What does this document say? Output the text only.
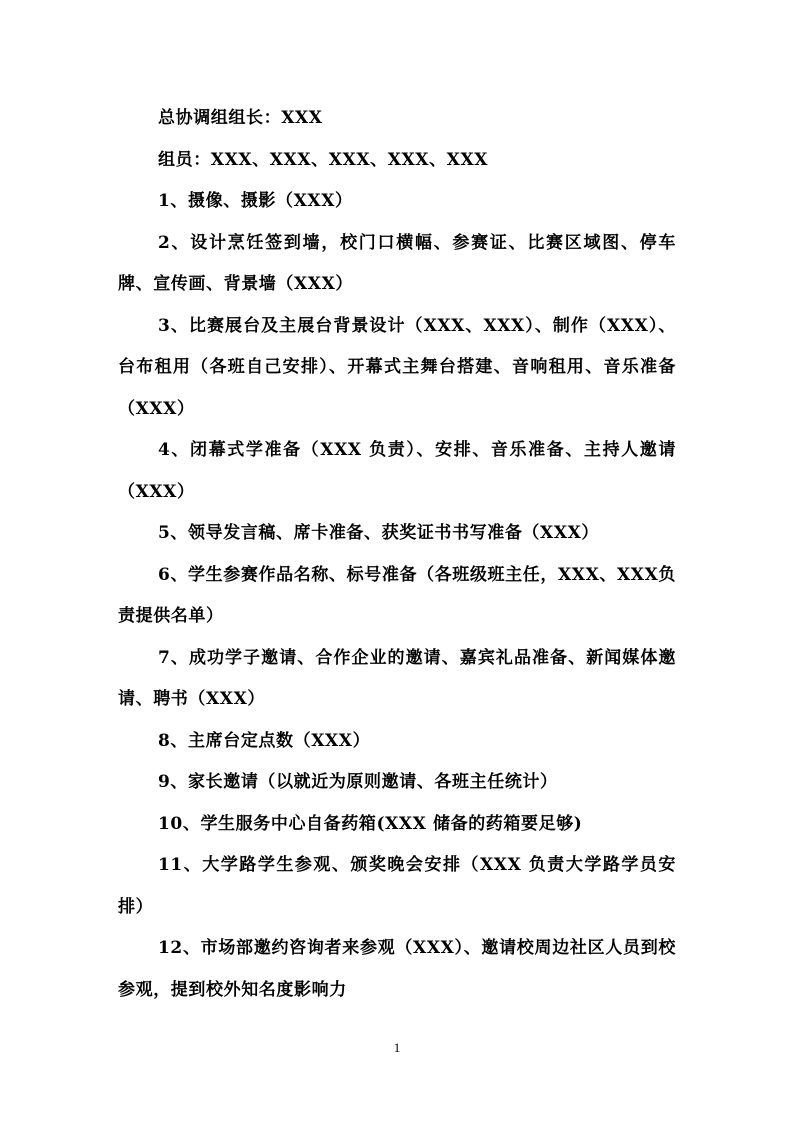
总协调组组长：XXX

组员：XXX、XXX、XXX、XXX、XXX

1、摄像、摄影（XXX）

2、设计烹饪签到墙，校门口横幅、参赛证、比赛区域图、停车牌、宣传画、背景墙（XXX）

3、比赛展台及主展台背景设计（XXX、XXX）、制作（XXX）、台布租用（各班自己安排）、开幕式主舞台搭建、音响租用、音乐准备（XXX）

4、闭幕式学准备（XXX 负责）、安排、音乐准备、主持人邀请（XXX）

5、领导发言稿、席卡准备、获奖证书书写准备（XXX）

6、学生参赛作品名称、标号准备（各班级班主任，XXX、XXX负责提供名单）

7、成功学子邀请、合作企业的邀请、嘉宾礼品准备、新闻媒体邀请、聘书（XXX）

8、主席台定点数（XXX）

9、家长邀请（以就近为原则邀请、各班主任统计）

10、学生服务中心自备药箱(XXX 储备的药箱要足够)

11、大学路学生参观、颁奖晚会安排（XXX 负责大学路学员安排）

12、市场部邀约咨询者来参观（XXX）、邀请校周边社区人员到校参观，提到校外知名度影响力

1
